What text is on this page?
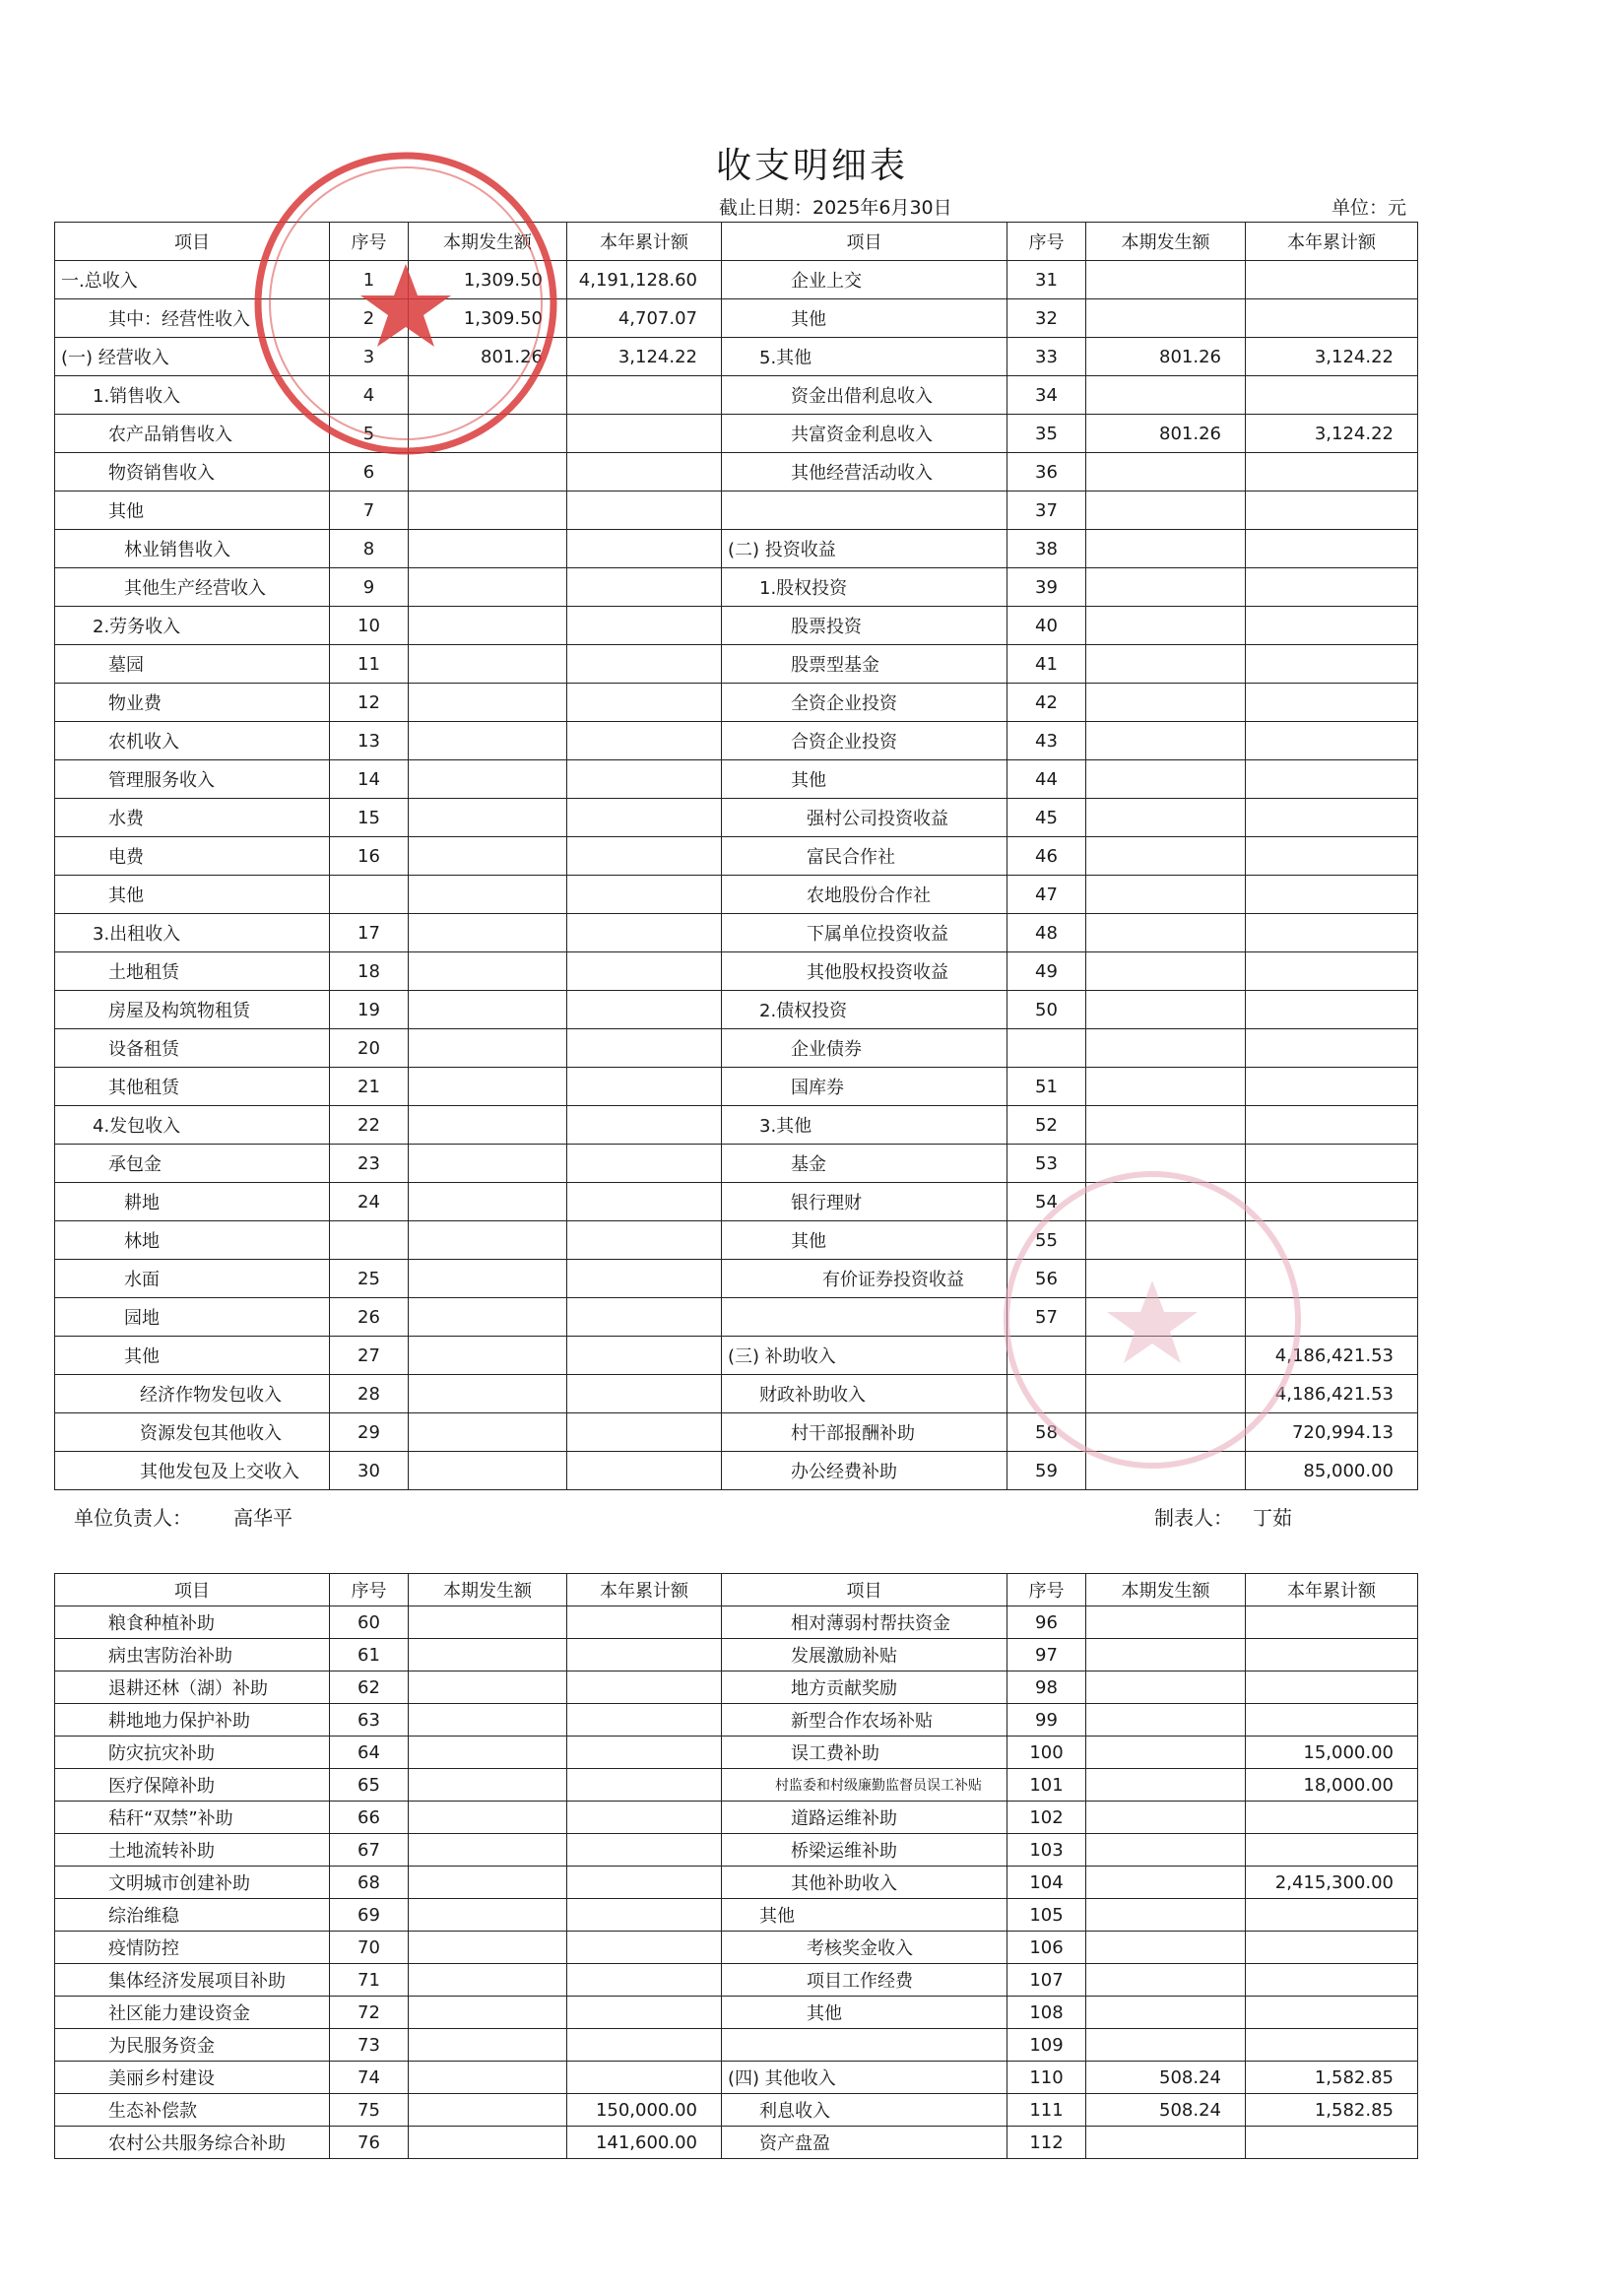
收支明细表
截止日期：2025年6月30日	单位：元
项目	序号	本期发生额	本年累计额	项目	序号	本期发生额	本年累计额
一.总收入	1	1,309.50	4,191,128.60	企业上交	31		
其中：经营性收入	2	1,309.50	4,707.07	其他	32		
(一) 经营收入	3	801.26	3,124.22	5.其他	33	801.26	3,124.22
1.销售收入	4			资金出借利息收入	34		
农产品销售收入	5			共富资金利息收入	35	801.26	3,124.22
物资销售收入	6			其他经营活动收入	36		
其他	7				37		
林业销售收入	8			(二) 投资收益	38		
其他生产经营收入	9			1.股权投资	39		
2.劳务收入	10			股票投资	40		
墓园	11			股票型基金	41		
物业费	12			全资企业投资	42		
农机收入	13			合资企业投资	43		
管理服务收入	14			其他	44		
水费	15			强村公司投资收益	45		
电费	16			富民合作社	46		
其他				农地股份合作社	47		
3.出租收入	17			下属单位投资收益	48		
土地租赁	18			其他股权投资收益	49		
房屋及构筑物租赁	19			2.债权投资	50		
设备租赁	20			企业债券			
其他租赁	21			国库券	51		
4.发包收入	22			3.其他	52		
承包金	23			基金	53		
耕地	24			银行理财	54		
林地				其他	55		
水面	25			有价证券投资收益	56		
园地	26				57		
其他	27			(三) 补助收入			4,186,421.53
经济作物发包收入	28			财政补助收入			4,186,421.53
资源发包其他收入	29			村干部报酬补助	58		720,994.13
其他发包及上交收入	30			办公经费补助	59		85,000.00
单位负责人： 高华平	制表人： 丁茹
项目	序号	本期发生额	本年累计额	项目	序号	本期发生额	本年累计额
粮食种植补助	60			相对薄弱村帮扶资金	96		
病虫害防治补助	61			发展激励补贴	97		
退耕还林（湖）补助	62			地方贡献奖励	98		
耕地地力保护补助	63			新型合作农场补贴	99		
防灾抗灾补助	64			误工费补助	100		15,000.00
医疗保障补助	65			村监委和村级廉勤监督员误工补贴	101		18,000.00
秸秆“双禁”补助	66			道路运维补助	102		
土地流转补助	67			桥梁运维补助	103		
文明城市创建补助	68			其他补助收入	104		2,415,300.00
综治维稳	69			其他	105		
疫情防控	70			考核奖金收入	106		
集体经济发展项目补助	71			项目工作经费	107		
社区能力建设资金	72			其他	108		
为民服务资金	73				109		
美丽乡村建设	74			(四) 其他收入	110	508.24	1,582.85
生态补偿款	75		150,000.00	利息收入	111	508.24	1,582.85
农村公共服务综合补助	76		141,600.00	资产盘盈	112		
